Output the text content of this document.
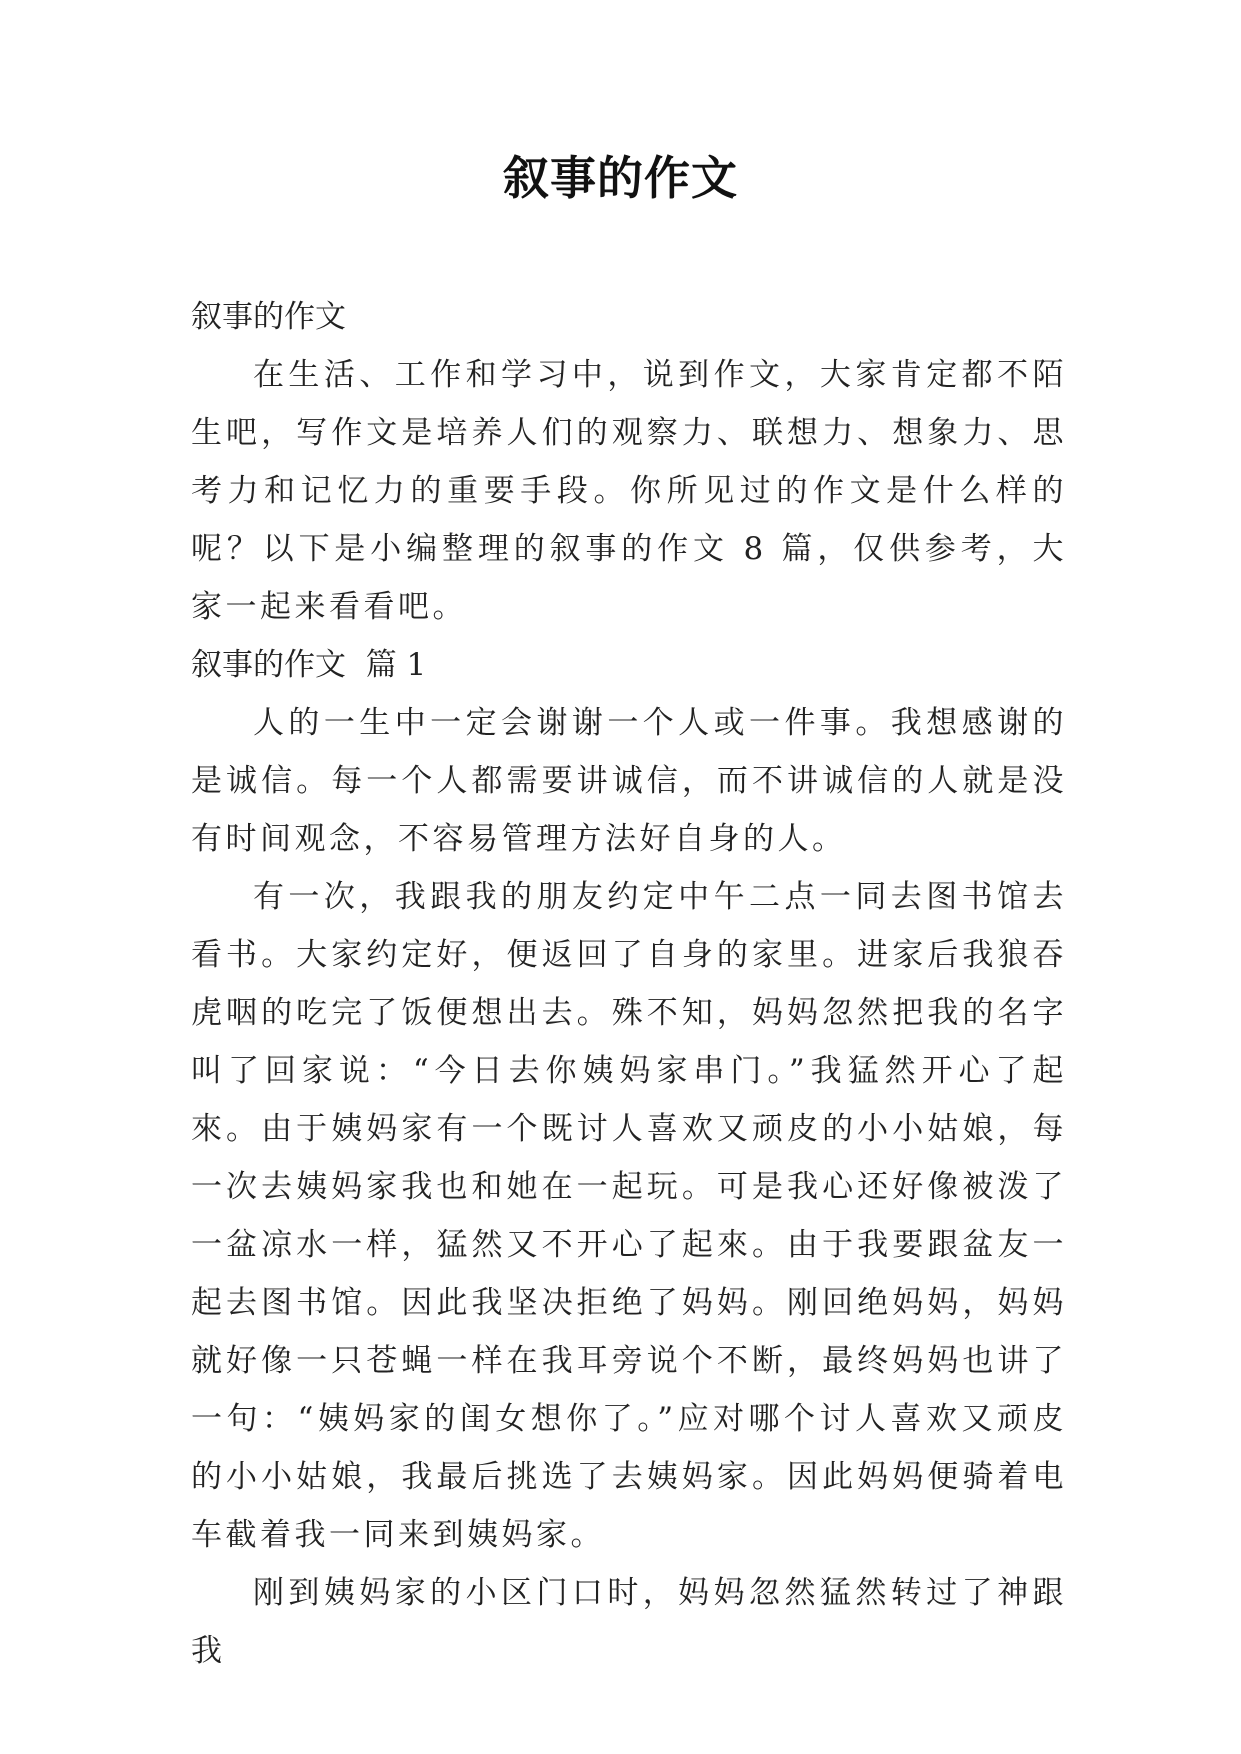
叙事的作文

叙事的作文

在生活、工作和学习中，说到作文，大家肯定都不陌生吧，写作文是培养人们的观察力、联想力、想象力、思考力和记忆力的重要手段。你所见过的作文是什么样的呢？以下是小编整理的叙事的作文 8 篇，仅供参考，大家一起来看看吧。

叙事的作文  篇 1

人的一生中一定会谢谢一个人或一件事。我想感谢的是诚信。每一个人都需要讲诚信，而不讲诚信的人就是没有时间观念，不容易管理方法好自身的人。

有一次，我跟我的朋友约定中午二点一同去图书馆去看书。大家约定好，便返回了自身的家里。进家后我狼吞虎咽的吃完了饭便想出去。殊不知，妈妈忽然把我的名字叫了回家说：“今日去你姨妈家串门。”我猛然开心了起來。由于姨妈家有一个既讨人喜欢又顽皮的小小姑娘，每一次去姨妈家我也和她在一起玩。可是我心还好像被泼了一盆凉水一样，猛然又不开心了起來。由于我要跟盆友一起去图书馆。因此我坚决拒绝了妈妈。刚回绝妈妈，妈妈就好像一只苍蝇一样在我耳旁说个不断，最终妈妈也讲了一句：“姨妈家的闺女想你了。”应对哪个讨人喜欢又顽皮的小小姑娘，我最后挑选了去姨妈家。因此妈妈便骑着电车截着我一同来到姨妈家。

刚到姨妈家的小区门口时，妈妈忽然猛然转过了神跟我
